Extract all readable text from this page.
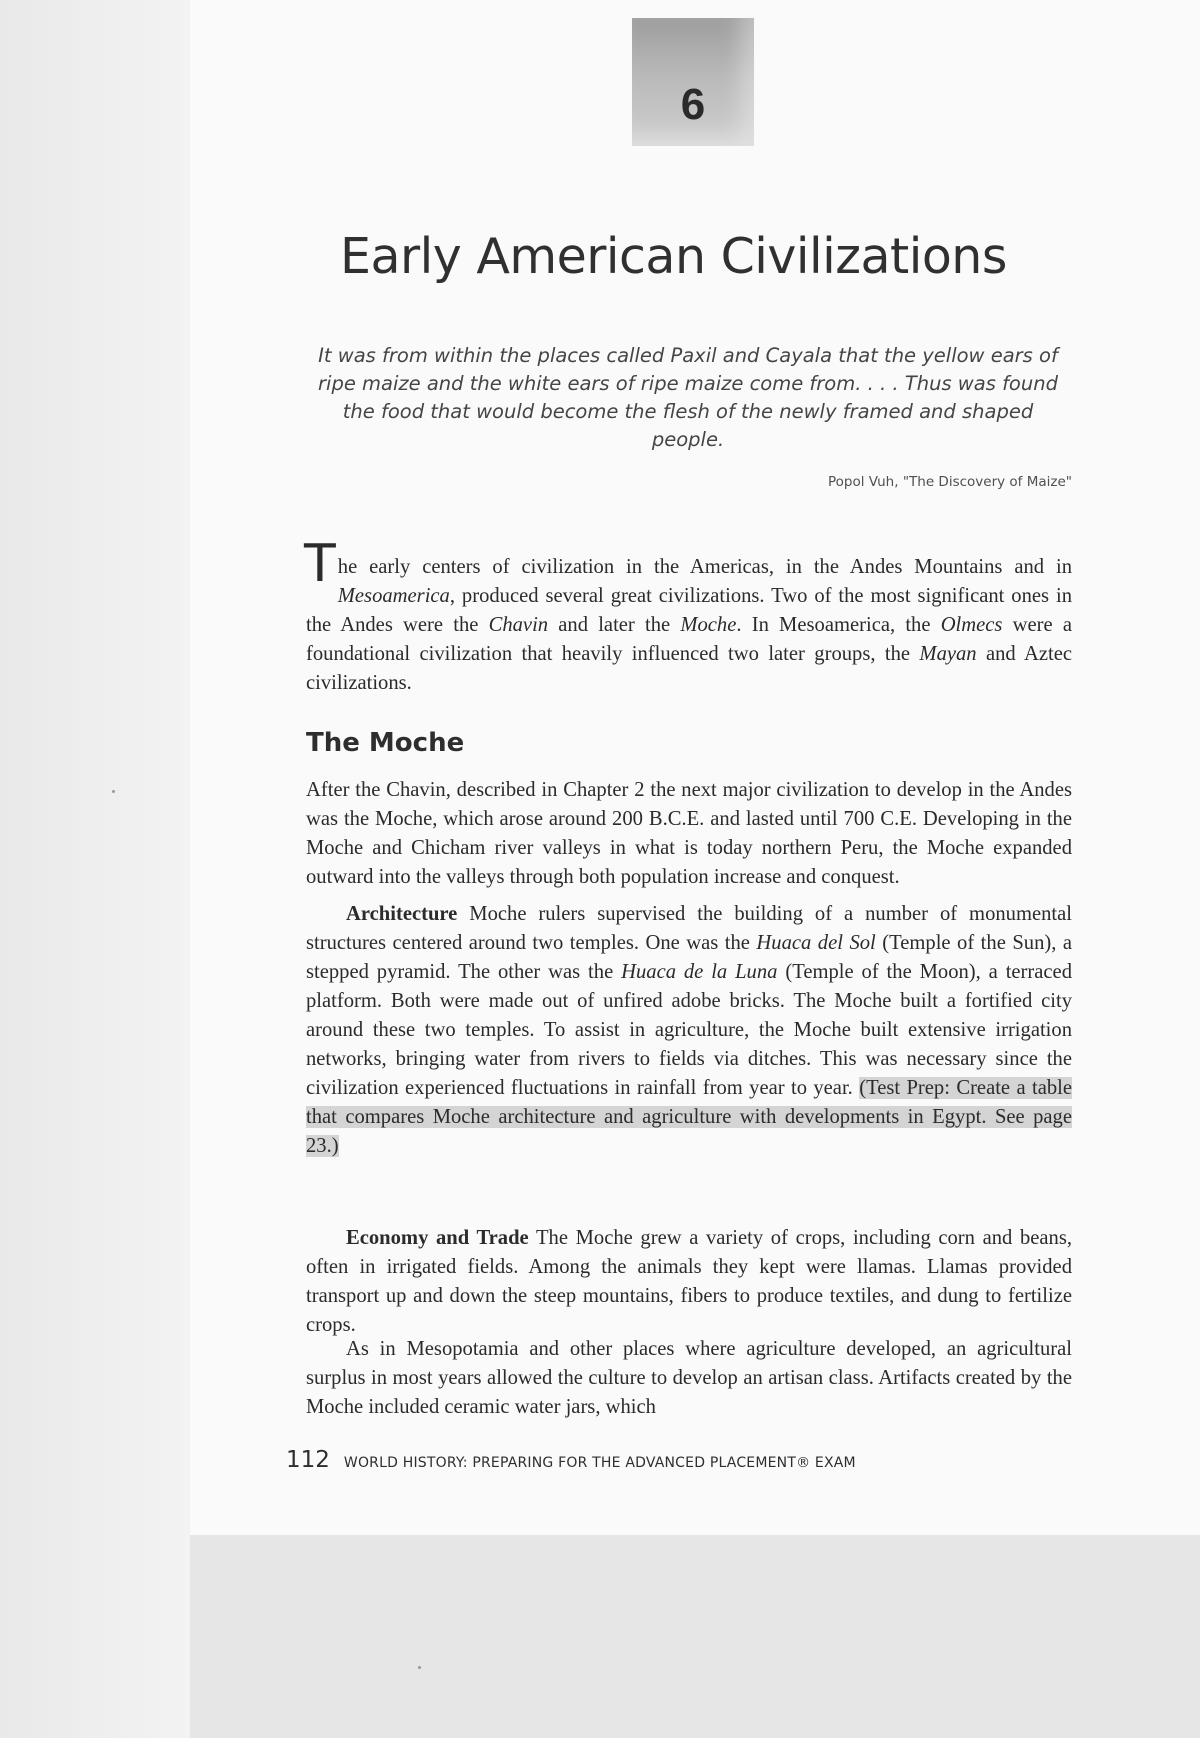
6
Early American Civilizations

It was from within the places called Paxil and Cayala that the yellow ears of ripe maize and the white ears of ripe maize come from. . . . Thus was found the food that would become the flesh of the newly framed and shaped people.

Popol Vuh, "The Discovery of Maize"

The early centers of civilization in the Americas, in the Andes Mountains and in Mesoamerica, produced several great civilizations. Two of the most significant ones in the Andes were the Chavin and later the Moche. In Mesoamerica, the Olmecs were a foundational civilization that heavily influenced two later groups, the Mayan and Aztec civilizations.

The Moche

After the Chavin, described in Chapter 2 the next major civilization to develop in the Andes was the Moche, which arose around 200 B.C.E. and lasted until 700 C.E. Developing in the Moche and Chicham river valleys in what is today northern Peru, the Moche expanded outward into the valleys through both population increase and conquest.

Architecture Moche rulers supervised the building of a number of monumental structures centered around two temples. One was the Huaca del Sol (Temple of the Sun), a stepped pyramid. The other was the Huaca de la Luna (Temple of the Moon), a terraced platform. Both were made out of unfired adobe bricks. The Moche built a fortified city around these two temples. To assist in agriculture, the Moche built extensive irrigation networks, bringing water from rivers to fields via ditches. This was necessary since the civilization experienced fluctuations in rainfall from year to year. (Test Prep: Create a table that compares Moche architecture and agriculture with developments in Egypt. See page 23.)

Economy and Trade The Moche grew a variety of crops, including corn and beans, often in irrigated fields. Among the animals they kept were llamas. Llamas provided transport up and down the steep mountains, fibers to produce textiles, and dung to fertilize crops.

As in Mesopotamia and other places where agriculture developed, an agricultural surplus in most years allowed the culture to develop an artisan class. Artifacts created by the Moche included ceramic water jars, which

112 WORLD HISTORY: PREPARING FOR THE ADVANCED PLACEMENT® EXAM
